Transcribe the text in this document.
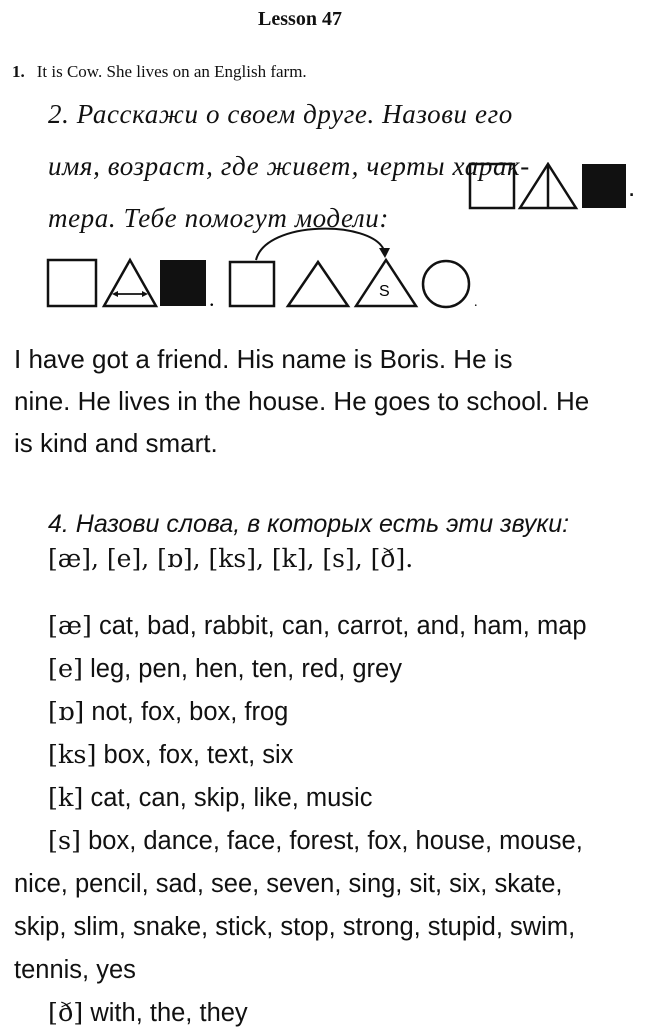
Lesson 47
1. It is Cow. She lives on an English farm.
2. Расскажи о своем друге. Назови его
имя, возраст, где живет, черты харак-
тера. Тебе помогут модели:
.
.	S
.
I have got a friend. His name is Boris. He is
nine. He lives in the house. He goes to school. He
is kind and smart.
4. Назови слова, в которых есть эти звуки:
[æ], [e], [ɒ], [ks], [k], [s], [ð].
[æ] cat, bad, rabbit, can, carrot, and, ham, map
[e] leg, pen, hen, ten, red, grey
[ɒ] not, fox, box, frog
[ks] box, fox, text, six
[k] cat, can, skip, like, music
[s] box, dance, face, forest, fox, house, mouse,
nice, pencil, sad, see, seven, sing, sit, six, skate,
skip, slim, snake, stick, stop, strong, stupid, swim,
tennis, yes
[ð] with, the, they
